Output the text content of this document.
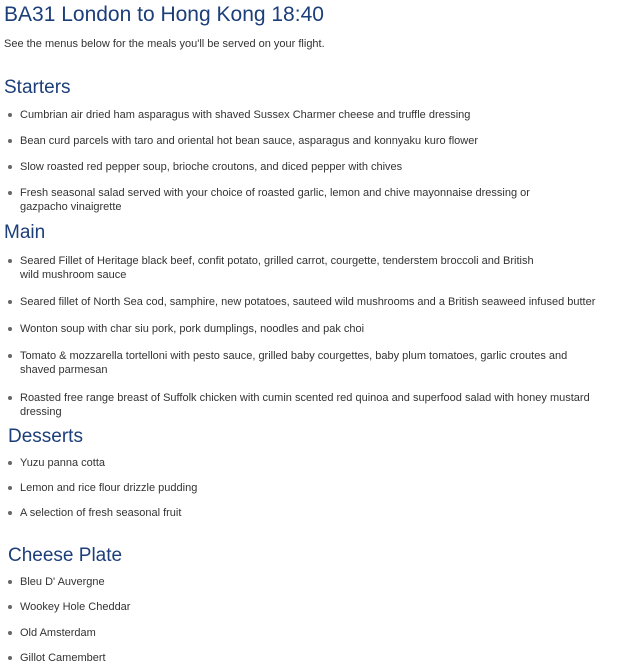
BA31 London to Hong Kong 18:40

See the menus below for the meals you'll be served on your flight.

Starters
Cumbrian air dried ham asparagus with shaved Sussex Charmer cheese and truffle dressing
Bean curd parcels with taro and oriental hot bean sauce, asparagus and konnyaku kuro flower
Slow roasted red pepper soup, brioche croutons, and diced pepper with chives
Fresh seasonal salad served with your choice of roasted garlic, lemon and chive mayonnaise dressing or gazpacho vinaigrette
Main
Seared Fillet of Heritage black beef, confit potato, grilled carrot, courgette, tenderstem broccoli and British wild mushroom sauce
Seared fillet of North Sea cod, samphire, new potatoes, sauteed wild mushrooms and a British seaweed infused butter
Wonton soup with char siu pork, pork dumplings, noodles and pak choi
Tomato & mozzarella tortelloni with pesto sauce, grilled baby courgettes, baby plum tomatoes, garlic croutes and shaved parmesan
Roasted free range breast of Suffolk chicken with cumin scented red quinoa and superfood salad with honey mustard dressing
Desserts
Yuzu panna cotta
Lemon and rice flour drizzle pudding
A selection of fresh seasonal fruit
Cheese Plate
Bleu D' Auvergne
Wookey Hole Cheddar
Old Amsterdam
Gillot Camembert
